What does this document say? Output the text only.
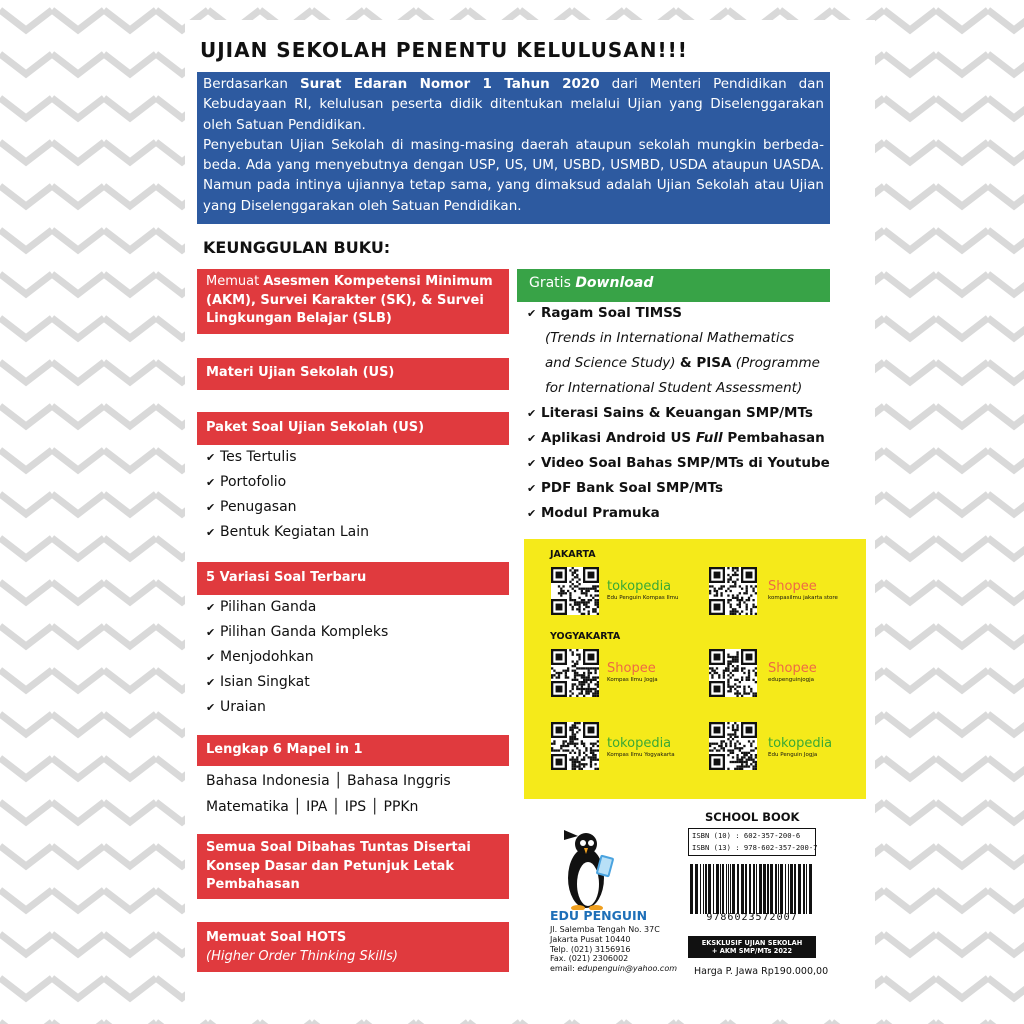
UJIAN SEKOLAH PENENTU KELULUSAN!!!

Berdasarkan Surat Edaran Nomor 1 Tahun 2020 dari Menteri Pendidikan dan Kebudayaan RI, kelulusan peserta didik ditentukan melalui Ujian yang Diselenggarakan oleh Satuan Pendidikan.

Penyebutan Ujian Sekolah di masing-masing daerah ataupun sekolah mungkin berbeda-beda. Ada yang menyebutnya dengan USP, US, UM, USBD, USMBD, USDA ataupun UASDA. Namun pada intinya ujiannya tetap sama, yang dimaksud adalah Ujian Sekolah atau Ujian yang Diselenggarakan oleh Satuan Pendidikan.

KEUNGGULAN BUKU:
Memuat Asesmen Kompetensi Minimum (AKM), Survei Karakter (SK), & Survei Lingkungan Belajar (SLB)
Materi Ujian Sekolah (US)
Paket Soal Ujian Sekolah (US)
✔ Tes Tertulis
✔ Portofolio
✔ Penugasan
✔ Bentuk Kegiatan Lain
5 Variasi Soal Terbaru
✔ Pilihan Ganda
✔ Pilihan Ganda Kompleks
✔ Menjodohkan
✔ Isian Singkat
✔ Uraian
Lengkap 6 Mapel in 1
Bahasa Indonesia │ Bahasa Inggris
Matematika │ IPA │ IPS │ PPKn
Semua Soal Dibahas Tuntas Disertai Konsep Dasar dan Petunjuk Letak Pembahasan
Memuat Soal HOTS
(Higher Order Thinking Skills)
Gratis Download
✔ Ragam Soal TIMSS
(Trends in International Mathematics
and Science Study) & PISA (Programme
for International Student Assessment)
✔ Literasi Sains & Keuangan SMP/MTs
✔ Aplikasi Android US Full Pembahasan
✔ Video Soal Bahas SMP/MTs di Youtube
✔ PDF Bank Soal SMP/MTs
✔ Modul Pramuka
JAKARTA
YOGYAKARTA
tokopedia
Edu Penguin Kompas Ilmu
Shopee
kompasilmu jakarta store
Shopee
Kompas Ilmu Jogja
Shopee
edupenguinjogja
tokopedia
Kompas Ilmu Yogyakarta
tokopedia
Edu Penguin Jogja
EDU PENGUIN
Jl. Salemba Tengah No. 37C
Jakarta Pusat 10440
Telp. (021) 3156916
Fax. (021) 2306002
email: edupenguin@yahoo.com
SCHOOL BOOK
ISBN (10) : 602-357-200-6
ISBN (13) : 978-602-357-200-7
9786023572007
EKSKLUSIF UJIAN SEKOLAH
+ AKM SMP/MTs 2022
Harga P. Jawa Rp190.000,00
